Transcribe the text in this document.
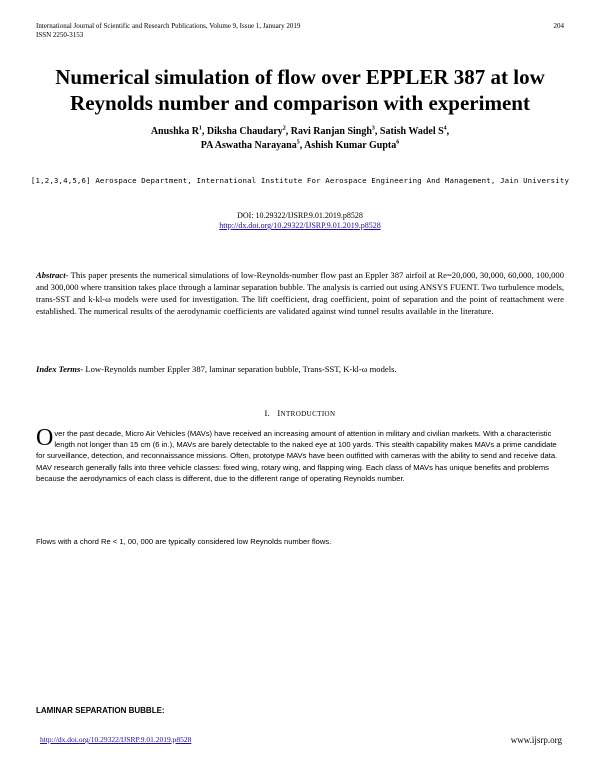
International Journal of Scientific and Research Publications, Volume 9, Issue 1, January 2019
ISSN 2250-3153
204
Numerical simulation of flow over EPPLER 387 at low
Reynolds number and comparison with experiment
Anushka $R^1$, Diksha Chaudary$^2$, Ravi Ranjan Singh$^3$, Satish Wadel $S^4$,
PA Aswatha Narayana$^5$, Ashish Kumar Gupta$^6$
[1,2,3,4,5,6] Aerospace Department, International Institute For Aerospace Engineering And Management, Jain University
DOI: 10.29322/IJSRP.9.01.2019.p8528
http://dx.doi.org/10.29322/IJSRP.9.01.2019.p8528
Abstract- This paper presents the numerical simulations of low-Reynolds-number flow past an Eppler 387 airfoil at Re=20,000, 30,000, 60,000, 100,000 and 300,000 where transition takes place through a laminar separation bubble. The analysis is carried out using ANSYS FUENT. Two turbulence models, trans-SST and k-kl-ω models were used for investigation. The lift coefficient, drag coefficient, point of separation and the point of reattachment were established. The numerical results of the aerodynamic coefficients are validated against wind tunnel results available in the literature.
Index Terms- Low-Reynolds number Eppler 387, laminar separation bubble, Trans-SST, K-kl-ω models.
I. INTRODUCTION
Over the past decade, Micro Air Vehicles (MAVs) have received an increasing amount of attention in military and civilian markets. With a characteristic length not longer than 15 cm (6 in.), MAVs are barely detectable to the naked eye at 100 yards. This stealth capability makes MAVs a prime candidate for surveillance, detection, and reconnaissance missions. Often, prototype MAVs have been outfitted with cameras with the ability to send and receive data. MAV research generally falls into three vehicle classes: fixed wing, rotary wing, and flapping wing. Each class of MAVs has unique benefits and problems because the aerodynamics of each class is different, due to the different range of operating Reynolds number.
Flows with a chord Re < 1, 00, 000 are typically considered low Reynolds number flows.
LAMINAR SEPARATION BUBBLE:
http://dx.doi.org/10.29322/IJSRP.9.01.2019.p8528	www.ijsrp.org
